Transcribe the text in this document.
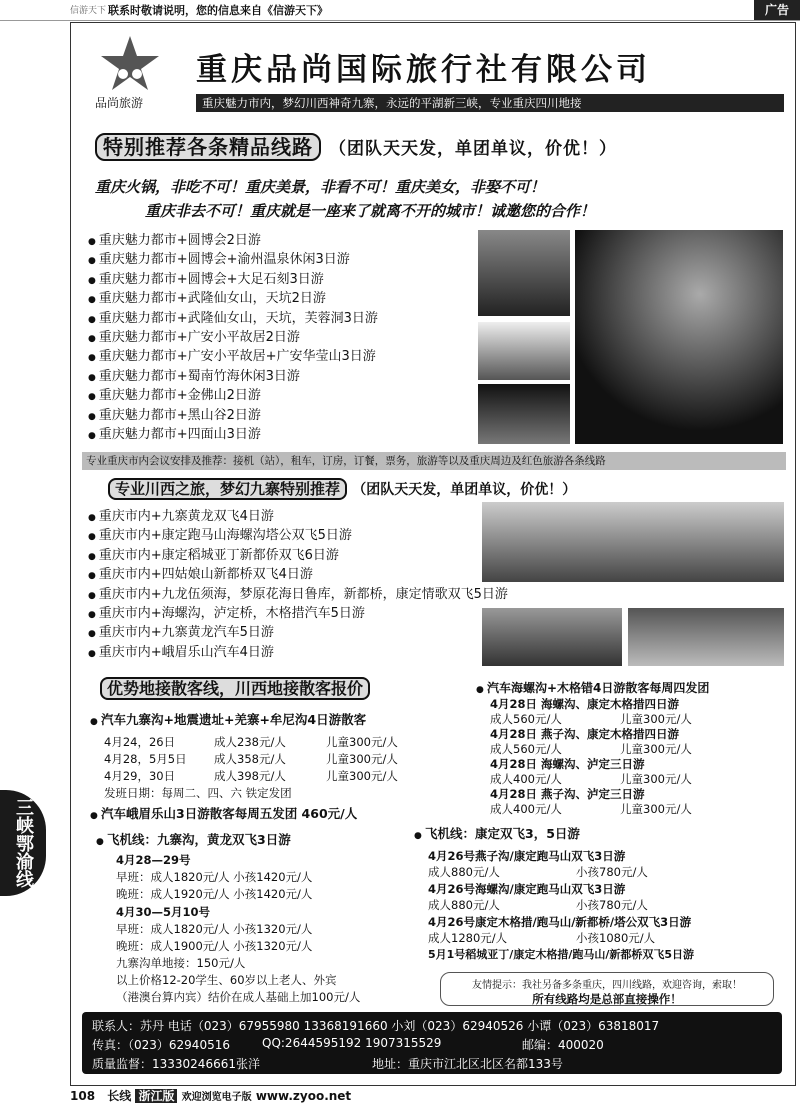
信游天下 联系时敬请说明，您的信息来自《信游天下》	广告
三峡鄂渝线
品尚旅游
重庆品尚国际旅行社有限公司
重庆魅力市内，梦幻川西神奇九寨，永远的平湖新三峡，专业重庆四川地接
特别推荐各条精品线路 （团队天天发，单团单议，价优！）
重庆火锅，非吃不可！重庆美景，非看不可！重庆美女，非娶不可！
重庆非去不可！重庆就是一座来了就离不开的城市！诚邀您的合作！
● 重庆魅力都市+圆博会2日游
● 重庆魅力都市+圆博会+渝州温泉休闲3日游
● 重庆魅力都市+圆博会+大足石刻3日游
● 重庆魅力都市+武隆仙女山，天坑2日游
● 重庆魅力都市+武隆仙女山，天坑，芙蓉洞3日游
● 重庆魅力都市+广安小平故居2日游
● 重庆魅力都市+广安小平故居+广安华莹山3日游
● 重庆魅力都市+蜀南竹海休闲3日游
● 重庆魅力都市+金佛山2日游
● 重庆魅力都市+黑山谷2日游
● 重庆魅力都市+四面山3日游
专业重庆市内会议安排及推荐：接机（站），租车，订房，订餐，票务，旅游等以及重庆周边及红色旅游各条线路
专业川西之旅，梦幻九寨特别推荐 （团队天天发，单团单议，价优！）
● 重庆市内+九寨黄龙双飞4日游
● 重庆市内+康定跑马山海螺沟塔公双飞5日游
● 重庆市内+康定稻城亚丁新都侨双飞6日游
● 重庆市内+四姑娘山新都桥双飞4日游
● 重庆市内+九龙伍须海，梦原花海日鲁库，新都桥，康定情歌双飞5日游
● 重庆市内+海螺沟，泸定桥，木格措汽车5日游
● 重庆市内+九寨黄龙汽车5日游
● 重庆市内+峨眉乐山汽车4日游
优势地接散客线，川西地接散客报价
● 汽车九寨沟+地震遗址+羌寨+牟尼沟4日游散客
4月24，26日	成人238元/人	儿童300元/人
4月28，5月5日 成人358元/人	儿童300元/人
4月29，30日	成人398元/人	儿童300元/人
发班日期：每周二、四、六 铁定发团
● 汽车峨眉乐山3日游散客每周五发团 460元/人
● 飞机线：九寨沟，黄龙双飞3日游
4月28—29号
早班：成人1820元/人 小孩1420元/人
晚班：成人1920元/人 小孩1420元/人
4月30—5月10号
早班：成人1820元/人 小孩1320元/人
晚班：成人1900元/人 小孩1320元/人
九寨沟单地接：150元/人
以上价格12-20学生、60岁以上老人、外宾
（港澳台算内宾）结价在成人基础上加100元/人
● 汽车海螺沟+木格错4日游散客每周四发团
4月28日 海螺沟、康定木格措四日游
成人560元/人	儿童300元/人
4月28日 燕子沟、康定木格措四日游
成人560元/人	儿童300元/人
4月28日 海螺沟、泸定三日游
成人400元/人	儿童300元/人
4月28日 燕子沟、泸定三日游
成人400元/人	儿童300元/人
● 飞机线：康定双飞3，5日游
4月26号燕子沟/康定跑马山双飞3日游
成人880元/人	小孩780元/人
4月26号海螺沟/康定跑马山双飞3日游
成人880元/人	小孩780元/人
4月26号康定木格措/跑马山/新都桥/塔公双飞3日游
成人1280元/人	小孩1080元/人
5月1号稻城亚丁/康定木格措/跑马山/新都桥双飞5日游
友情提示：我社另备多条重庆，四川线路，欢迎咨询，索取！
所有线路均是总部直接操作！
联系人：苏丹 电话（023）67955980 13368191660 小刘（023）62940526 小谭（023）63818017
传真：（023）62940516	QQ:2644595192 1907315529	邮编：400020
质量监督：13330246661张洋	地址：重庆市江北区北区名都133号
108 长线 浙江版 欢迎浏览电子版 www.zyoo.net
